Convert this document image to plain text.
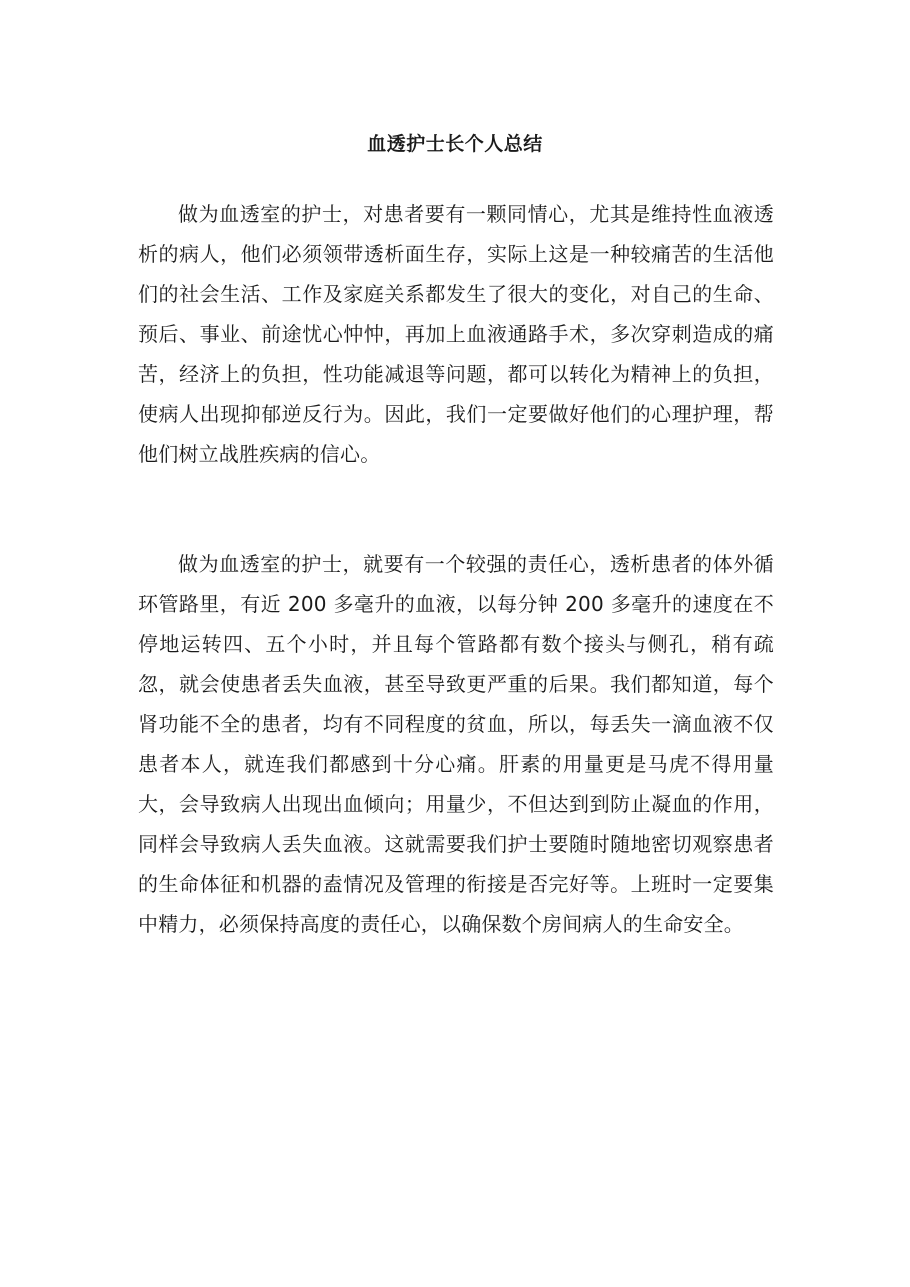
血透护士长个人总结
做为血透室的护士，对患者要有一颗同情心，尤其是维持性血液透析的病人，他们必须领带透析面生存，实际上这是一种较痛苦的生活他们的社会生活、工作及家庭关系都发生了很大的变化，对自己的生命、预后、事业、前途忧心忡忡，再加上血液通路手术，多次穿刺造成的痛苦，经济上的负担，性功能减退等问题，都可以转化为精神上的负担，使病人出现抑郁逆反行为。因此，我们一定要做好他们的心理护理，帮他们树立战胜疾病的信心。
做为血透室的护士，就要有一个较强的责任心，透析患者的体外循环管路里，有近 200 多毫升的血液，以每分钟 200 多毫升的速度在不停地运转四、五个小时，并且每个管路都有数个接头与侧孔，稍有疏忽，就会使患者丢失血液，甚至导致更严重的后果。我们都知道，每个肾功能不全的患者，均有不同程度的贫血，所以，每丢失一滴血液不仅患者本人，就连我们都感到十分心痛。肝素的用量更是马虎不得用量大，会导致病人出现出血倾向；用量少，不但达到到防止凝血的作用，同样会导致病人丢失血液。这就需要我们护士要随时随地密切观察患者的生命体征和机器的盍情况及管理的衔接是否完好等。上班时一定要集中精力，必须保持高度的责任心，以确保数个房间病人的生命安全。
